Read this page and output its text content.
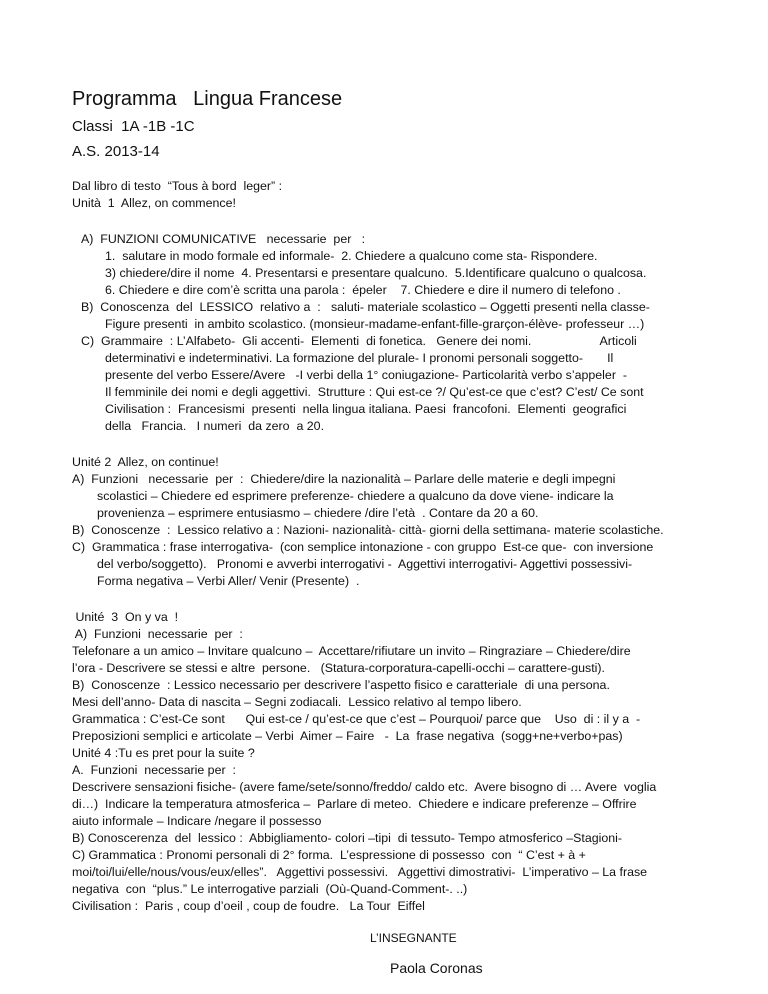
Programma   Lingua Francese
Classi  1A -1B -1C
A.S. 2013-14
Dal libro di testo  “Tous à bord  leger” :
Unità  1  Allez, on commence!
A)  FUNZIONI COMUNICATIVE   necessarie  per   :
1.  salutare in modo formale ed informale-  2. Chiedere a qualcuno come sta- Rispondere.
3) chiedere/dire il nome  4. Presentarsi e presentare qualcuno.  5.Identificare qualcuno o qualcosa.
6. Chiedere e dire com’è scritta una parola :  épeler    7. Chiedere e dire il numero di telefono .
B)  Conoscenza  del  LESSICO  relativo a  :   saluti- materiale scolastico – Oggetti presenti nella classe-
Figure presenti  in ambito scolastico. (monsieur-madame-enfant-fille-grarçon-élève- professeur …)
C)  Grammaire  : L’Alfabeto-  Gli accenti-  Elementi  di fonetica.   Genere dei nomi.                    Articoli
determinativi e indeterminativi. La formazione del plurale- I pronomi personali soggetto-       Il
presente del verbo Essere/Avere   -I verbi della 1° coniugazione- Particolarità verbo s’appeler  -
Il femminile dei nomi e degli aggettivi.  Strutture : Qui est-ce ?/ Qu’est-ce que c’est? C’est/ Ce sont
Civilisation :  Francesismi  presenti  nella lingua italiana. Paesi  francofoni.  Elementi  geografici
della   Francia.   I numeri  da zero  a 20.
Unité 2  Allez, on continue!
A)  Funzioni   necessarie  per  :  Chiedere/dire la nazionalità – Parlare delle materie e degli impegni
scolastici – Chiedere ed esprimere preferenze- chiedere a qualcuno da dove viene- indicare la
provenienza – esprimere entusiasmo – chiedere /dire l’età  . Contare da 20 a 60.
B)  Conoscenze  :  Lessico relativo a : Nazioni- nazionalità- città- giorni della settimana- materie scolastiche.
C)  Grammatica : frase interrogativa-  (con semplice intonazione - con gruppo  Est-ce que-  con inversione
del verbo/soggetto).   Pronomi e avverbi interrogativi -  Aggettivi interrogativi- Aggettivi possessivi-
Forma negativa – Verbi Aller/ Venir (Presente)  .
Unité  3  On y va  !
A)  Funzioni  necessarie  per  :
Telefonare a un amico – Invitare qualcuno –  Accettare/rifiutare un invito – Ringraziare – Chiedere/dire
l’ora - Descrivere se stessi e altre  persone.   (Statura-corporatura-capelli-occhi – carattere-gusti).
B)  Conoscenze  : Lessico necessario per descrivere l’aspetto fisico e caratteriale  di una persona.
Mesi dell’anno- Data di nascita – Segni zodiacali.  Lessico relativo al tempo libero.
Grammatica : C’est-Ce sont      Qui est-ce / qu’est-ce que c’est – Pourquoi/ parce que    Uso  di : il y a  -
Preposizioni semplici e articolate – Verbi  Aimer – Faire   -  La  frase negativa  (sogg+ne+verbo+pas)
Unité 4 :Tu es pret pour la suite ?
A.  Funzioni  necessarie per  :
Descrivere sensazioni fisiche- (avere fame/sete/sonno/freddo/ caldo etc.  Avere bisogno di … Avere  voglia
di…)  Indicare la temperatura atmosferica –  Parlare di meteo.  Chiedere e indicare preferenze – Offrire
aiuto informale – Indicare /negare il possesso
B) Conoscerenza  del  lessico :  Abbigliamento- colori –tipi  di tessuto- Tempo atmosferico –Stagioni-
C) Grammatica : Pronomi personali di 2° forma.  L’espressione di possesso  con  “ C’est + à +
moi/toi/lui/elle/nous/vous/eux/elles”.   Aggettivi possessivi.   Aggettivi dimostrativi-  L’imperativo – La frase
negativa  con  “plus.” Le interrogative parziali  (Où-Quand-Comment-. ..)
Civilisation :  Paris , coup d’oeil , coup de foudre.   La Tour  Eiffel
L’INSEGNANTE
Paola Coronas
